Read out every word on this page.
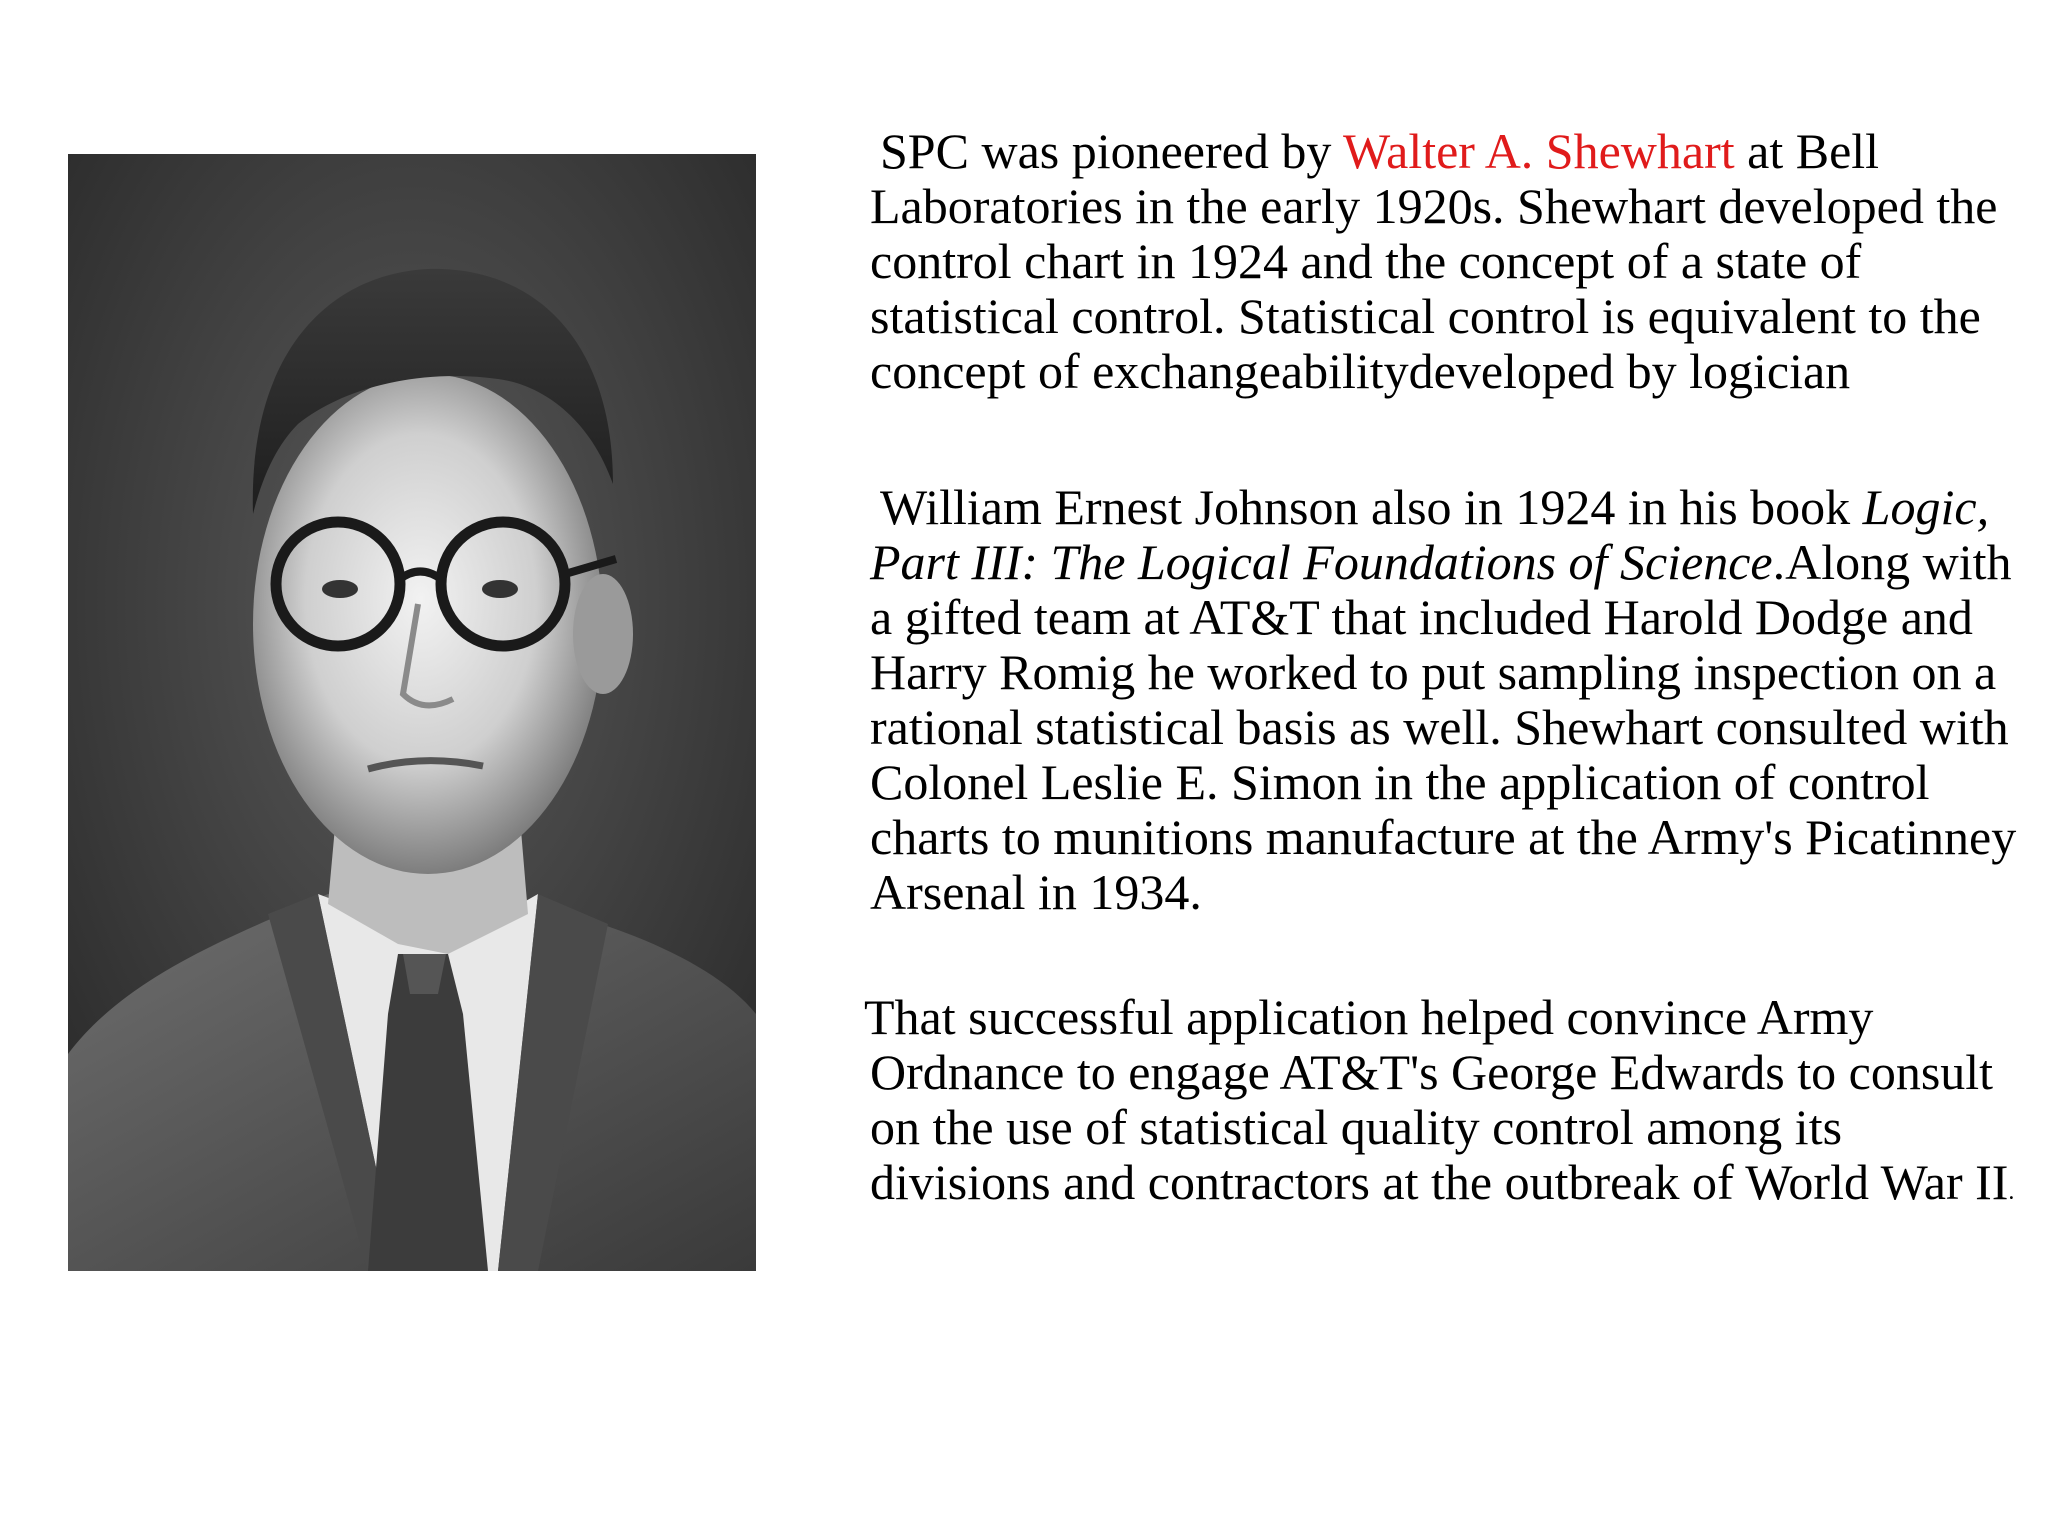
SPC was pioneered by Walter A. Shewhart at Bell Laboratories in the early 1920s. Shewhart developed the control chart in 1924 and the concept of a state of statistical control. Statistical control is equivalent to the concept of exchangeabilitydeveloped by logician

William Ernest Johnson also in 1924 in his book Logic, Part III: The Logical Foundations of Science.Along with a gifted team at AT&T that included Harold Dodge and Harry Romig he worked to put sampling inspection on a rational statistical basis as well. Shewhart consulted with Colonel Leslie E. Simon in the application of control charts to munitions manufacture at the Army's Picatinney Arsenal in 1934.

That successful application helped convince Army Ordnance to engage AT&T's George Edwards to consult on the use of statistical quality control among its divisions and contractors at the outbreak of World War II.
